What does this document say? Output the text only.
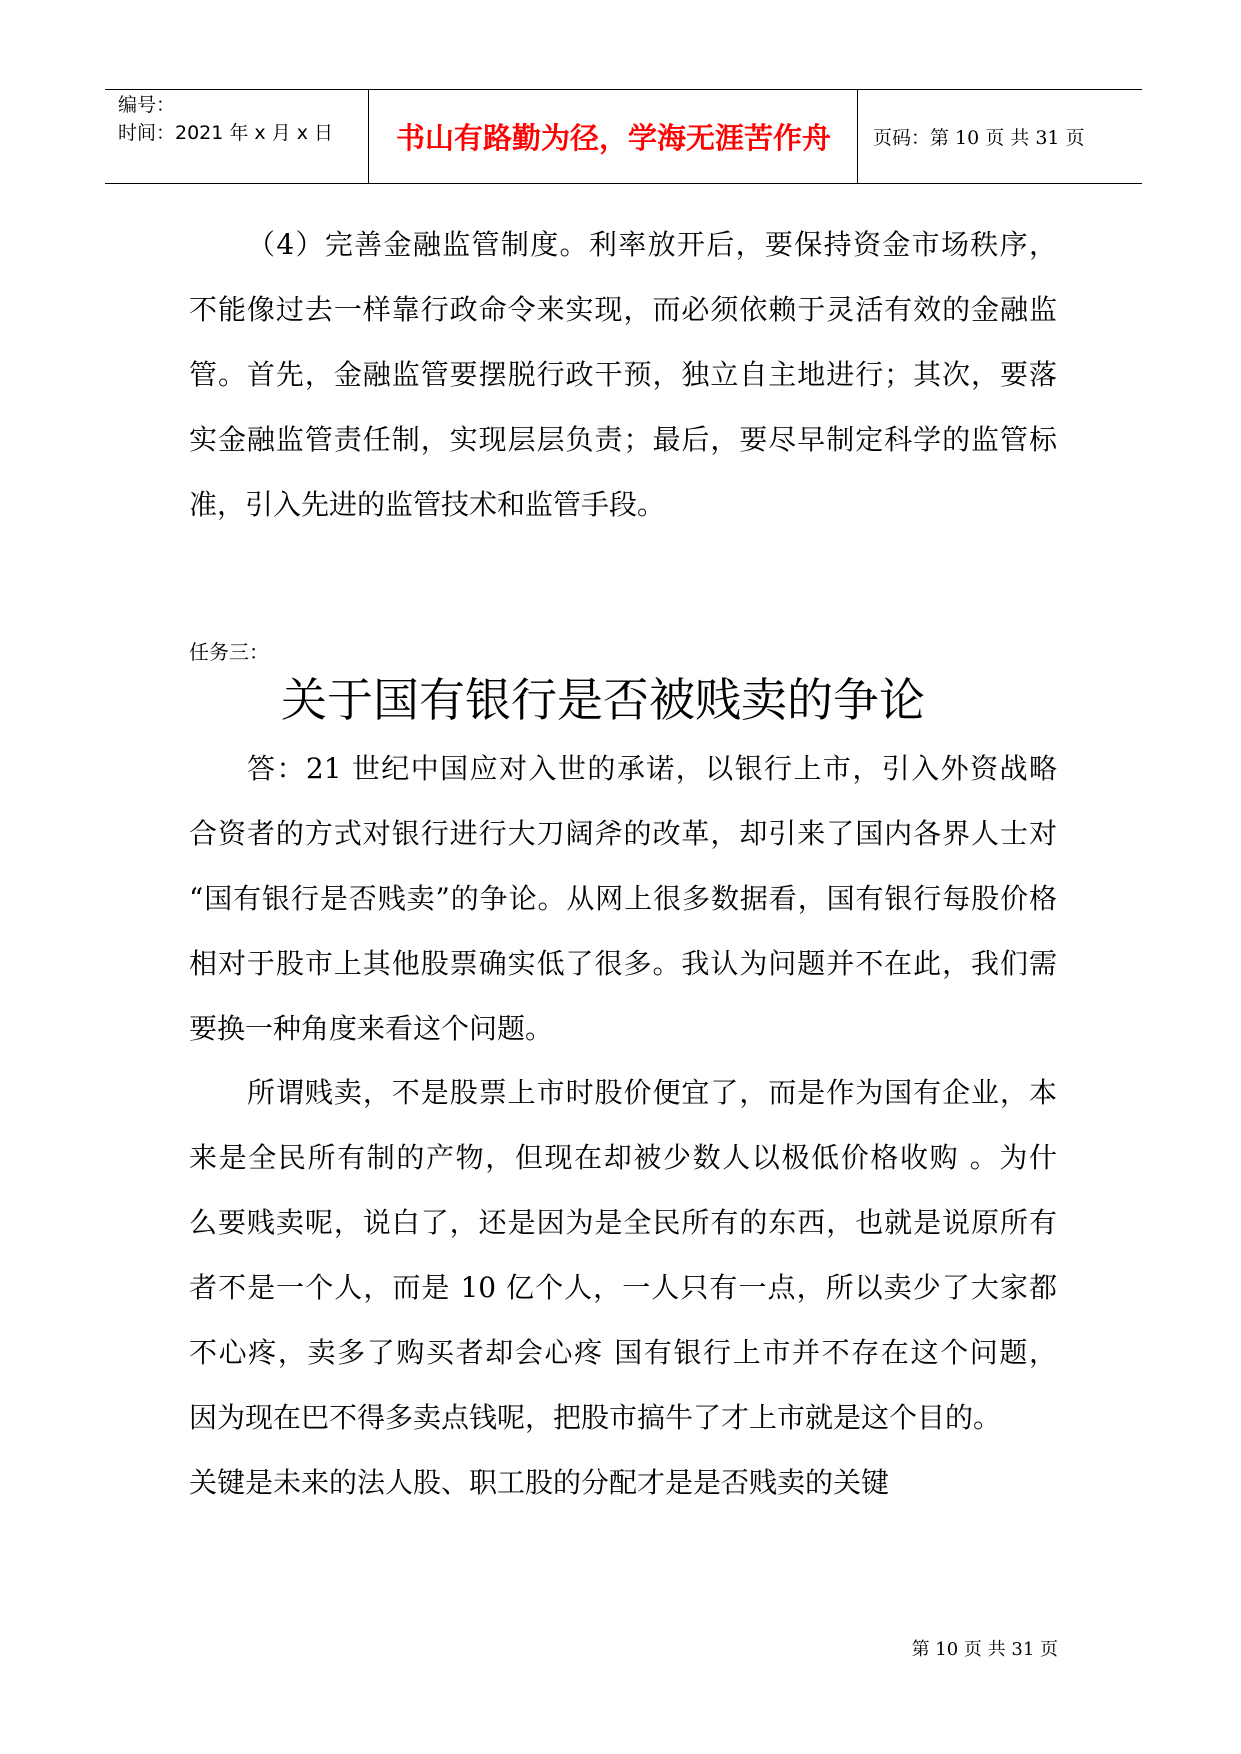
编号：
时间：2021 年 x 月 x 日 书山有路勤为径，学海无涯苦作舟 页码：第 10 页 共 31 页
（4）完善金融监管制度。利率放开后，要保持资金市场秩序，
不能像过去一样靠行政命令来实现，而必须依赖于灵活有效的金融监
管。首先，金融监管要摆脱行政干预，独立自主地进行；其次，要落
实金融监管责任制，实现层层负责；最后，要尽早制定科学的监管标
准，引入先进的监管技术和监管手段。
任务三：
关于国有银行是否被贱卖的争论
答：21 世纪中国应对入世的承诺，以银行上市，引入外资战略
合资者的方式对银行进行大刀阔斧的改革，却引来了国内各界人士对
“国有银行是否贱卖”的争论。从网上很多数据看，国有银行每股价格
相对于股市上其他股票确实低了很多。我认为问题并不在此，我们需
要换一种角度来看这个问题。
所谓贱卖，不是股票上市时股价便宜了，而是作为国有企业，本
来是全民所有制的产物，但现在却被少数人以极低价格收购 。为什
么要贱卖呢，说白了，还是因为是全民所有的东西，也就是说原所有
者不是一个人，而是 10 亿个人，一人只有一点，所以卖少了大家都
不心疼，卖多了购买者却会心疼 国有银行上市并不存在这个问题，
因为现在巴不得多卖点钱呢，把股市搞牛了才上市就是这个目的。
关键是未来的法人股、职工股的分配才是是否贱卖的关键
第 10 页 共 31 页
